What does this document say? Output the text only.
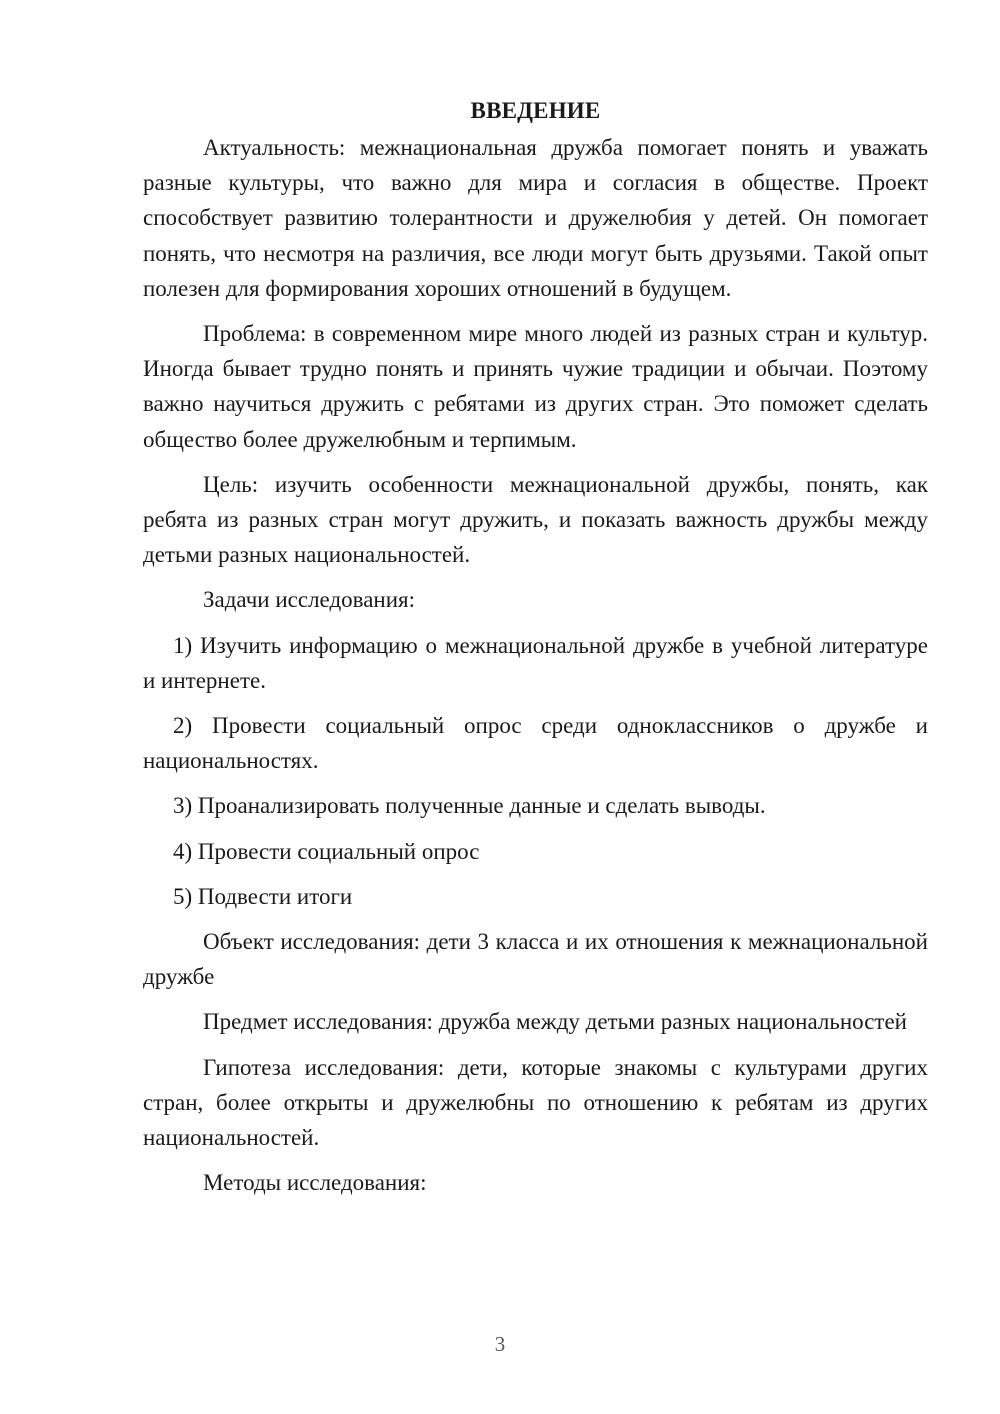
ВВЕДЕНИЕ

Актуальность: межнациональная дружба помогает понять и уважать разные культуры, что важно для мира и согласия в обществе. Проект способствует развитию толерантности и дружелюбия у детей. Он помогает понять, что несмотря на различия, все люди могут быть друзьями. Такой опыт полезен для формирования хороших отношений в будущем.

Проблема: в современном мире много людей из разных стран и культур. Иногда бывает трудно понять и принять чужие традиции и обычаи. Поэтому важно научиться дружить с ребятами из других стран. Это поможет сделать общество более дружелюбным и терпимым.

Цель: изучить особенности межнациональной дружбы, понять, как ребята из разных стран могут дружить, и показать важность дружбы между детьми разных национальностей.

Задачи исследования:

1) Изучить информацию о межнациональной дружбе в учебной литературе и интернете.

2) Провести социальный опрос среди одноклассников о дружбе и национальностях.

3) Проанализировать полученные данные и сделать выводы.

4) Провести социальный опрос

5) Подвести итоги

Объект исследования: дети 3 класса и их отношения к межнациональной дружбе

Предмет исследования: дружба между детьми разных национальностей

Гипотеза исследования: дети, которые знакомы с культурами других стран, более открыты и дружелюбны по отношению к ребятам из других национальностей.

Методы исследования:

3
